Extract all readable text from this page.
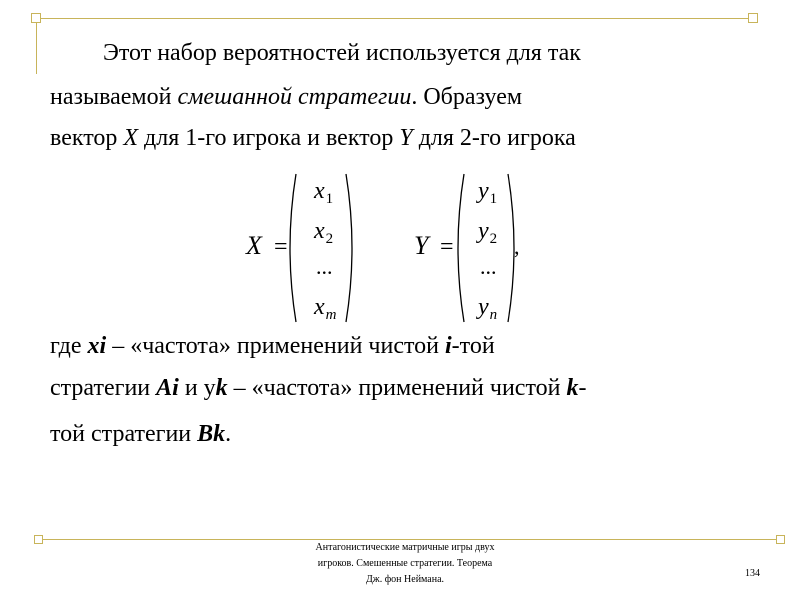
Этот набор вероятностей используется для так
называемой смешанной стратегии. Образуем
вектор X для 1-го игрока и вектор Y для 2-го игрока
X =
$x_1$
$x_2$
...
$x_m$
Y =
$y_1$
$y_2$
...
$y_n$
,
где xi – «частота» применений чистой i-той
стратегии Ai и уk – «частота» применений чистой k-
той стратегии Bk.
Антагонистические матричные игры двух
игроков. Смешенные стратегии. Теорема
Дж. фон Неймана.
134
